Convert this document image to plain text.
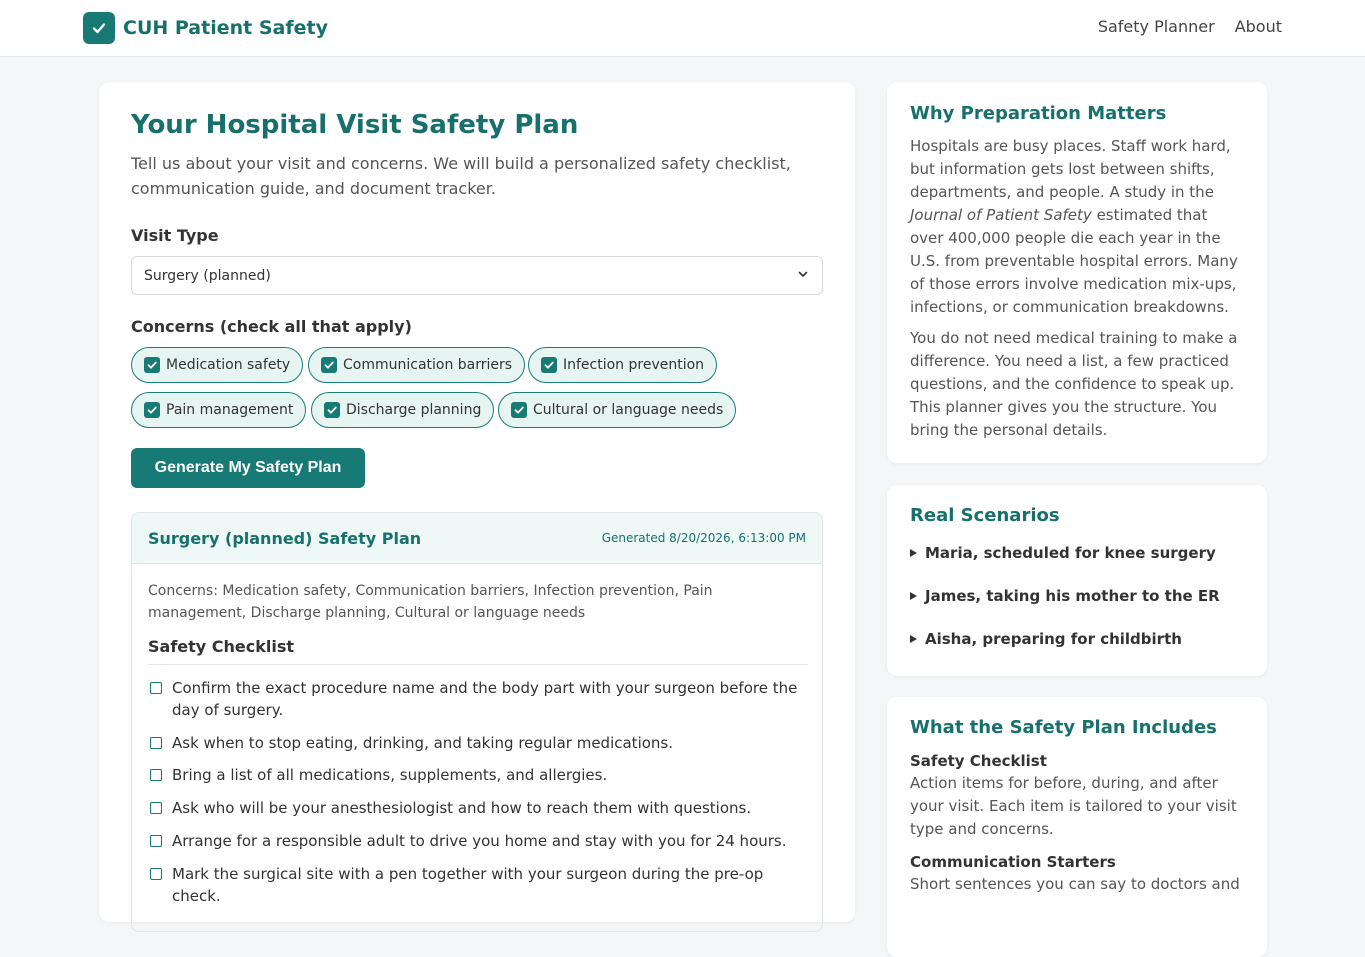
CUH Patient Safety	Safety Planner About
Your Hospital Visit Safety Plan
Tell us about your visit and concerns. We will build a personalized safety checklist, communication guide, and document tracker.
Visit Type
Surgery (planned)
Concerns (check all that apply)
Medication safety	Communication barriers	Infection prevention
Pain management	Discharge planning	Cultural or language needs
Generate My Safety Plan
Surgery (planned) Safety Plan	Generated 8/20/2026, 6:13:00 PM
Concerns: Medication safety, Communication barriers, Infection prevention, Pain management, Discharge planning, Cultural or language needs
Safety Checklist
Confirm the exact procedure name and the body part with your surgeon before the day of surgery.
Ask when to stop eating, drinking, and taking regular medications.
Bring a list of all medications, supplements, and allergies.
Ask who will be your anesthesiologist and how to reach them with questions.
Arrange for a responsible adult to drive you home and stay with you for 24 hours.
Mark the surgical site with a pen together with your surgeon during the pre-op check.
Why Preparation Matters
Hospitals are busy places. Staff work hard, but information gets lost between shifts, departments, and people. A study in the Journal of Patient Safety estimated that over 400,000 people die each year in the U.S. from preventable hospital errors. Many of those errors involve medication mix-ups, infections, or communication breakdowns.
You do not need medical training to make a difference. You need a list, a few practiced questions, and the confidence to speak up. This planner gives you the structure. You bring the personal details.
Real Scenarios
Maria, scheduled for knee surgery
James, taking his mother to the ER
Aisha, preparing for childbirth
What the Safety Plan Includes
Safety Checklist
Action items for before, during, and after your visit. Each item is tailored to your visit type and concerns.
Communication Starters
Short sentences you can say to doctors and
